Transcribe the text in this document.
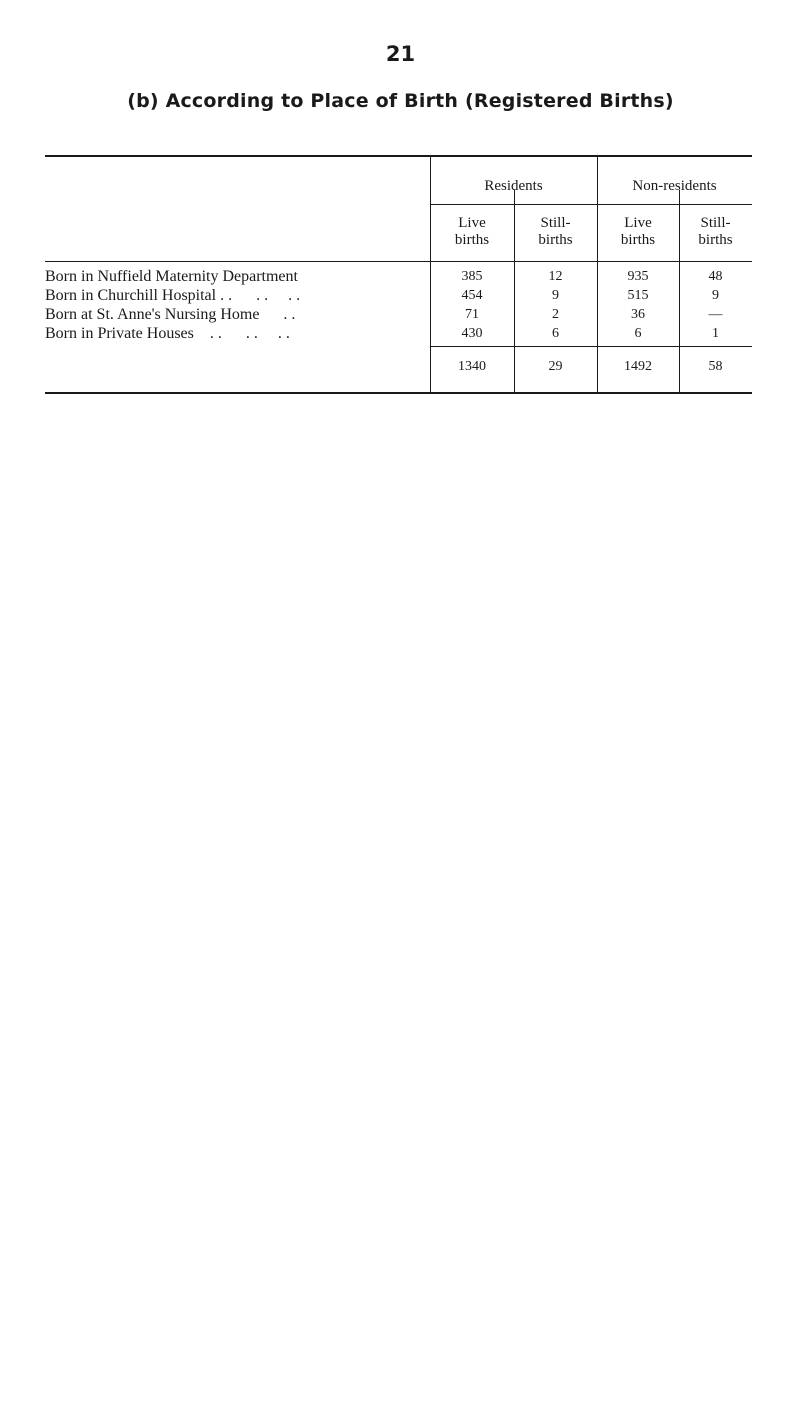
21
(b) According to Place of Birth (Registered Births)
Residents	Non-residents
Live
births
Still-
births
Live
births
Still-
births
Born in Nuffield Maternity Department	385	12	935	48
Born in Churchill Hospital . .      . .     . .	454	9	515	9
Born at St. Anne's Nursing Home      . .	71	2	36	—
Born in Private Houses    . .      . .     . .	430	6	6	1
1340	29	1492	58
